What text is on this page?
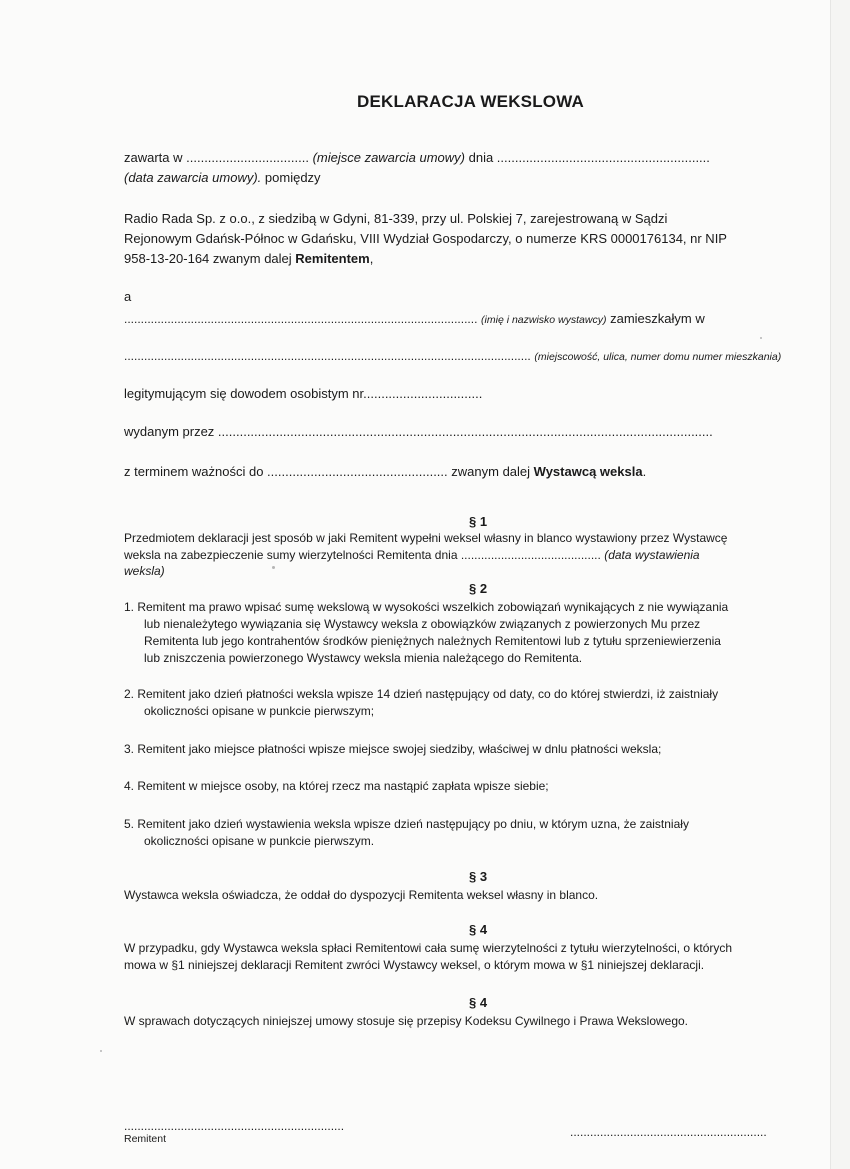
DEKLARACJA WEKSLOWA
zawarta w .................................. (miejsce zawarcia umowy) dnia ...........................................................
(data zawarcia umowy). pomiędzy
Radio Rada Sp. z o.o., z siedzibą w Gdyni, 81-339, przy ul. Polskiej 7, zarejestrowaną w Sądzi
Rejonowym Gdańsk-Północ w Gdańsku, VIII Wydział Gospodarczy, o numerze KRS 0000176134, nr NIP
958-13-20-164 zwanym dalej Remitentem,
a
.......................................................................................................... (imię i nazwisko wystawcy) zamieszkałym w
.......................................................................................................................... (miejscowość, ulica, numer domu numer mieszkania)
legitymującym się dowodem osobistym nr.................................
wydanym przez .........................................................................................................................................
z terminem ważności do .................................................. zwanym dalej Wystawcą weksla.
§ 1
Przedmiotem deklaracji jest sposób w jaki Remitent wypełni weksel własny in blanco wystawiony przez Wystawcę
weksla na zabezpieczenie sumy wierzytelności Remitenta dnia .......................................... (data wystawienia
weksla)
§ 2
1. Remitent ma prawo wpisać sumę wekslową w wysokości wszelkich zobowiązań wynikających z nie wywiązania
lub nienależytego wywiązania się Wystawcy weksla z obowiązków związanych z powierzonych Mu przez
Remitenta lub jego kontrahentów środków pieniężnych należnych Remitentowi lub z tytułu sprzeniewierzenia
lub zniszczenia powierzonego Wystawcy weksla mienia należącego do Remitenta.
2. Remitent jako dzień płatności weksla wpisze 14 dzień następujący od daty, co do której stwierdzi, iż zaistniały
okoliczności opisane w punkcie pierwszym;
3. Remitent jako miejsce płatności wpisze miejsce swojej siedziby, właściwej w dnlu płatności weksla;
4. Remitent w miejsce osoby, na której rzecz ma nastąpić zapłata wpisze siebie;
5. Remitent jako dzień wystawienia weksla wpisze dzień następujący po dniu, w którym uzna, że zaistniały
okoliczności opisane w punkcie pierwszym.
§ 3
Wystawca weksla oświadcza, że oddał do dyspozycji Remitenta weksel własny in blanco.
§ 4
W przypadku, gdy Wystawca weksla spłaci Remitentowi cała sumę wierzytelności z tytułu wierzytelności, o których
mowa w §1 niniejszej deklaracji Remitent zwróci Wystawcy weksel, o którym mowa w §1 niniejszej deklaracji.
§ 4
W sprawach dotyczących niniejszej umowy stosuje się przepisy Kodeksu Cywilnego i Prawa Wekslowego.
..................................................................
Remitent	...........................................................
